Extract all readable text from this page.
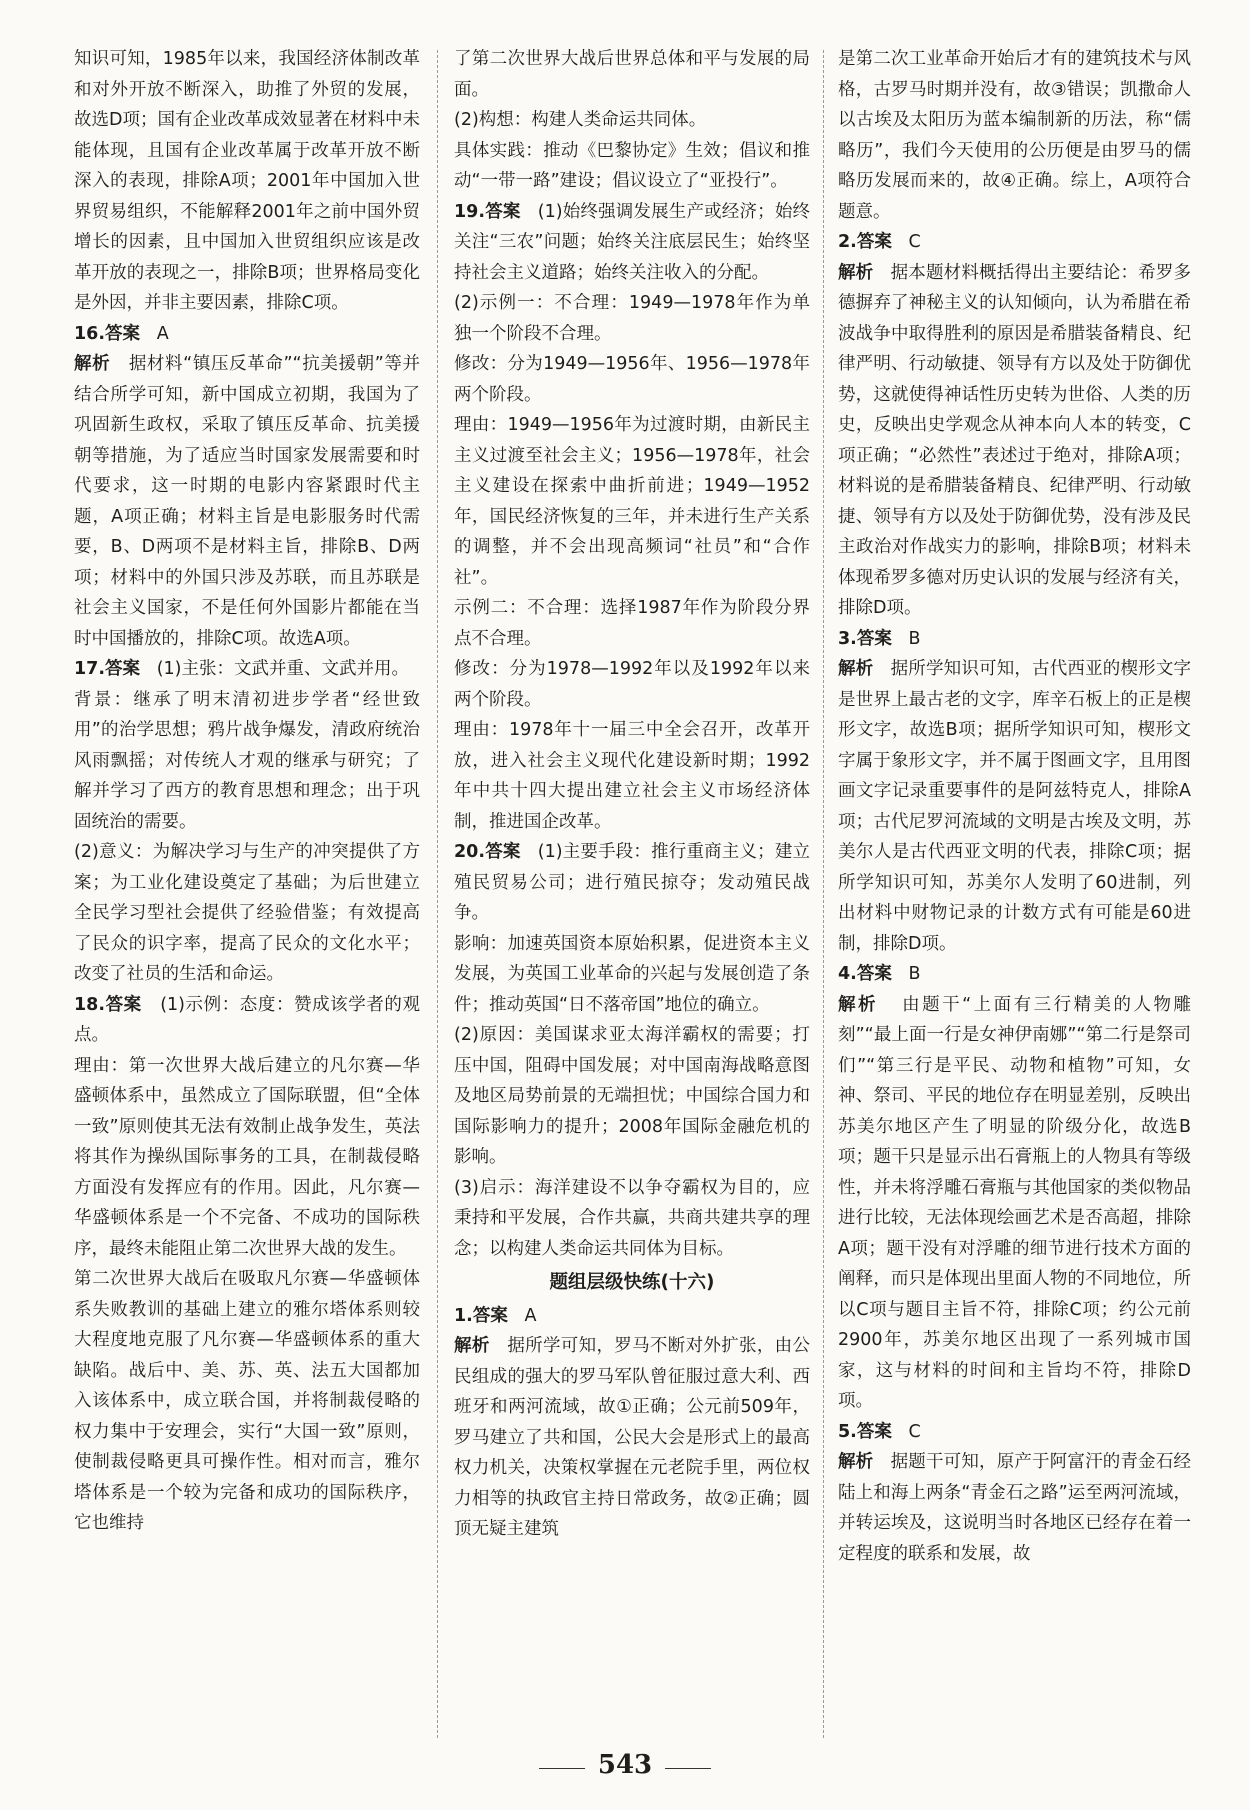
知识可知，1985年以来，我国经济体制改革和对外开放不断深入，助推了外贸的发展，故选D项；国有企业改革成效显著在材料中未能体现，且国有企业改革属于改革开放不断深入的表现，排除A项；2001年中国加入世界贸易组织，不能解释2001年之前中国外贸增长的因素，且中国加入世贸组织应该是改革开放的表现之一，排除B项；世界格局变化是外因，并非主要因素，排除C项。

16.答案 A
解析 据材料“镇压反革命”“抗美援朝”等并结合所学可知，新中国成立初期，我国为了巩固新生政权，采取了镇压反革命、抗美援朝等措施，为了适应当时国家发展需要和时代要求，这一时期的电影内容紧跟时代主题，A项正确；材料主旨是电影服务时代需要，B、D两项不是材料主旨，排除B、D两项；材料中的外国只涉及苏联，而且苏联是社会主义国家，不是任何外国影片都能在当时中国播放的，排除C项。故选A项。
17.答案 (1)主张：文武并重、文武并用。
背景：继承了明末清初进步学者“经世致用”的治学思想；鸦片战争爆发，清政府统治风雨飘摇；对传统人才观的继承与研究；了解并学习了西方的教育思想和理念；出于巩固统治的需要。
(2)意义：为解决学习与生产的冲突提供了方案；为工业化建设奠定了基础；为后世建立全民学习型社会提供了经验借鉴；有效提高了民众的识字率，提高了民众的文化水平；改变了社员的生活和命运。
18.答案 (1)示例：态度：赞成该学者的观点。
理由：第一次世界大战后建立的凡尔赛—华盛顿体系中，虽然成立了国际联盟，但“全体一致”原则使其无法有效制止战争发生，英法将其作为操纵国际事务的工具，在制裁侵略方面没有发挥应有的作用。因此，凡尔赛—华盛顿体系是一个不完备、不成功的国际秩序，最终未能阻止第二次世界大战的发生。
第二次世界大战后在吸取凡尔赛—华盛顿体系失败教训的基础上建立的雅尔塔体系则较大程度地克服了凡尔赛—华盛顿体系的重大缺陷。战后中、美、苏、英、法五大国都加入该体系中，成立联合国，并将制裁侵略的权力集中于安理会，实行“大国一致”原则，使制裁侵略更具可操作性。相对而言，雅尔塔体系是一个较为完备和成功的国际秩序，它也维持
了第二次世界大战后世界总体和平与发展的局面。
(2)构想：构建人类命运共同体。
具体实践：推动《巴黎协定》生效；倡议和推动“一带一路”建设；倡议设立了“亚投行”。
19.答案 (1)始终强调发展生产或经济；始终关注“三农”问题；始终关注底层民生；始终坚持社会主义道路；始终关注收入的分配。
(2)示例一：不合理：1949—1978年作为单独一个阶段不合理。
修改：分为1949—1956年、1956—1978年两个阶段。
理由：1949—1956年为过渡时期，由新民主主义过渡至社会主义；1956—1978年，社会主义建设在探索中曲折前进；1949—1952年，国民经济恢复的三年，并未进行生产关系的调整，并不会出现高频词“社员”和“合作社”。
示例二：不合理：选择1987年作为阶段分界点不合理。
修改：分为1978—1992年以及1992年以来两个阶段。
理由：1978年十一届三中全会召开，改革开放，进入社会主义现代化建设新时期；1992年中共十四大提出建立社会主义市场经济体制，推进国企改革。
20.答案 (1)主要手段：推行重商主义；建立殖民贸易公司；进行殖民掠夺；发动殖民战争。
影响：加速英国资本原始积累，促进资本主义发展，为英国工业革命的兴起与发展创造了条件；推动英国“日不落帝国”地位的确立。
(2)原因：美国谋求亚太海洋霸权的需要；打压中国，阻碍中国发展；对中国南海战略意图及地区局势前景的无端担忧；中国综合国力和国际影响力的提升；2008年国际金融危机的影响。
(3)启示：海洋建设不以争夺霸权为目的，应秉持和平发展，合作共赢，共商共建共享的理念；以构建人类命运共同体为目标。
题组层级快练(十六)
1.答案 A
解析 据所学可知，罗马不断对外扩张，由公民组成的强大的罗马军队曾征服过意大利、西班牙和两河流域，故①正确；公元前509年，罗马建立了共和国，公民大会是形式上的最高权力机关，决策权掌握在元老院手里，两位权力相等的执政官主持日常政务，故②正确；圆顶无疑主建筑
是第二次工业革命开始后才有的建筑技术与风格，古罗马时期并没有，故③错误；凯撒命人以古埃及太阳历为蓝本编制新的历法，称“儒略历”，我们今天使用的公历便是由罗马的儒略历发展而来的，故④正确。综上，A项符合题意。
2.答案 C
解析 据本题材料概括得出主要结论：希罗多德摒弃了神秘主义的认知倾向，认为希腊在希波战争中取得胜利的原因是希腊装备精良、纪律严明、行动敏捷、领导有方以及处于防御优势，这就使得神话性历史转为世俗、人类的历史，反映出史学观念从神本向人本的转变，C项正确；“必然性”表述过于绝对，排除A项；材料说的是希腊装备精良、纪律严明、行动敏捷、领导有方以及处于防御优势，没有涉及民主政治对作战实力的影响，排除B项；材料未体现希罗多德对历史认识的发展与经济有关，排除D项。
3.答案 B
解析 据所学知识可知，古代西亚的楔形文字是世界上最古老的文字，库辛石板上的正是楔形文字，故选B项；据所学知识可知，楔形文字属于象形文字，并不属于图画文字，且用图画文字记录重要事件的是阿兹特克人，排除A项；古代尼罗河流域的文明是古埃及文明，苏美尔人是古代西亚文明的代表，排除C项；据所学知识可知，苏美尔人发明了60进制，列出材料中财物记录的计数方式有可能是60进制，排除D项。
4.答案 B
解析 由题干“上面有三行精美的人物雕刻”“最上面一行是女神伊南娜”“第二行是祭司们”“第三行是平民、动物和植物”可知，女神、祭司、平民的地位存在明显差别，反映出苏美尔地区产生了明显的阶级分化，故选B项；题干只是显示出石膏瓶上的人物具有等级性，并未将浮雕石膏瓶与其他国家的类似物品进行比较，无法体现绘画艺术是否高超，排除A项；题干没有对浮雕的细节进行技术方面的阐释，而只是体现出里面人物的不同地位，所以C项与题目主旨不符，排除C项；约公元前2900年，苏美尔地区出现了一系列城市国家，这与材料的时间和主旨均不符，排除D项。
5.答案 C
解析 据题干可知，原产于阿富汗的青金石经陆上和海上两条“青金石之路”运至两河流域，并转运埃及，这说明当时各地区已经存在着一定程度的联系和发展，故
543
